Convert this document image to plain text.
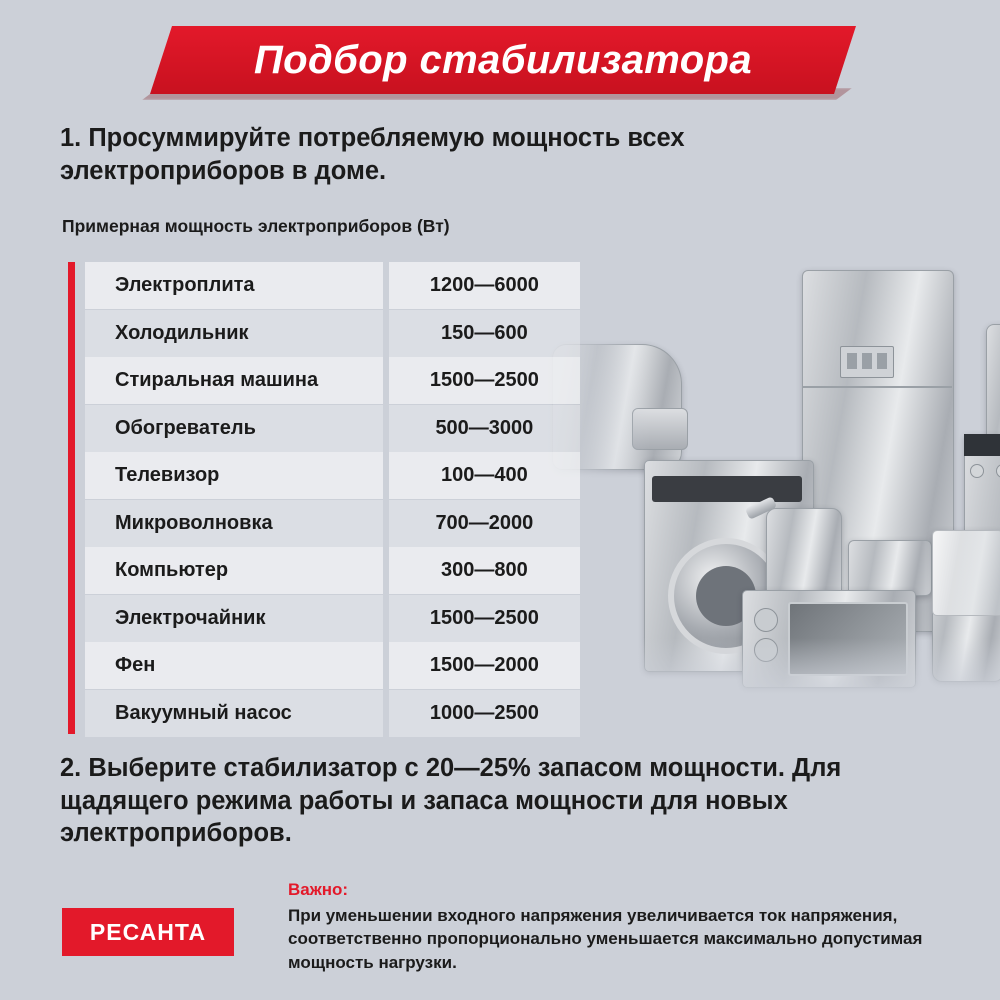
Подбор стабилизатора
1. Просуммируйте потребляемую мощность всех электроприборов в доме.
Примерная мощность электроприборов (Вт)
Электроплита	1200—6000
Холодильник	150—600
Стиральная машина	1500—2500
Обогреватель	500—3000
Телевизор	100—400
Микроволновка	700—2000
Компьютер	300—800
Электрочайник	1500—2500
Фен	1500—2000
Вакуумный насос	1000—2500
2. Выберите стабилизатор с 20—25% запасом мощности. Для щадящего режима работы и запаса мощности для новых электроприборов.
РЕСАНТА
Важно:
При уменьшении входного напряжения увеличивается ток напряжения, соответственно пропорционально уменьшается максимально допустимая мощность нагрузки.
